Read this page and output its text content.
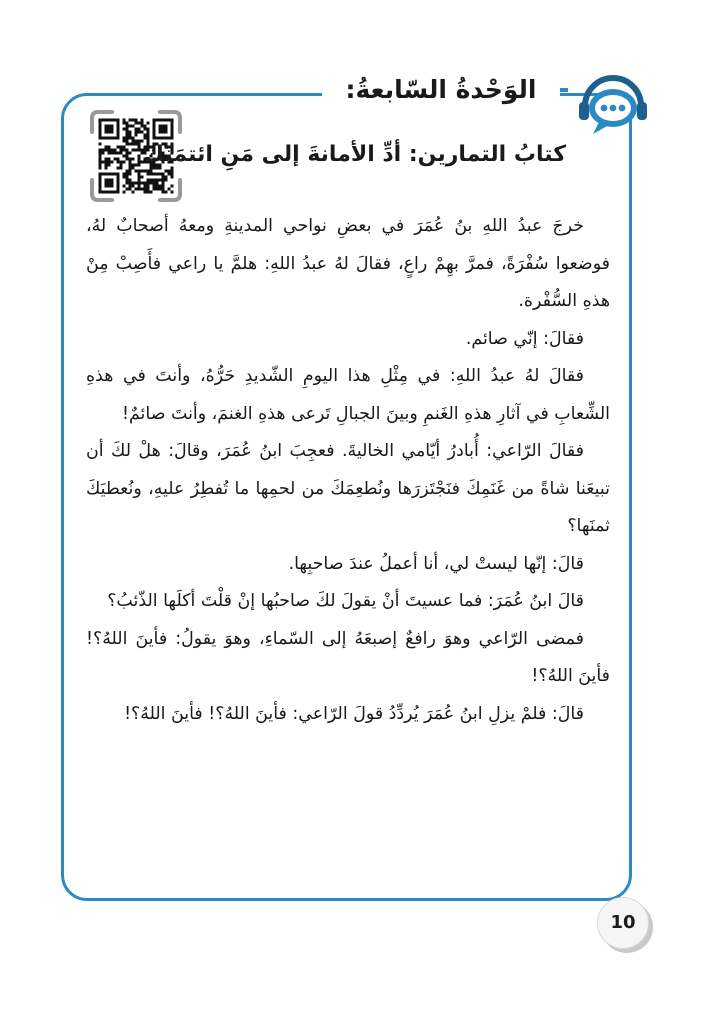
الوَحْدةُ السّابعةُ:
كتابُ التمارين: أدِّ الأمانةَ إلى مَنِ ائتمَنَك

خرجَ عبدُ اللهِ بنُ عُمَرَ في بعضِ نواحي المدينةِ ومعهُ أصحابٌ لهُ، فوضعوا سُفْرَةً، فمرَّ بهِمْ راعٍ، فقالَ لهُ عبدُ اللهِ: هلمَّ يا راعي فأَصِبْ مِنْ هذهِ السُّفْرة.

فقالَ: إنّي صائم.

فقالَ لهُ عبدُ اللهِ: في مِثْلِ هذا اليومِ الشّديدِ حَرُّهُ، وأنتَ في هذهِ الشِّعابِ في آثارِ هذهِ الغَنمِ وبينَ الجبالِ تَرعى هذهِ الغنمَ، وأنتَ صائمٌ!

فقالَ الرّاعي: أُبادرُ أيّامي الخاليةَ. فعجِبَ ابنُ عُمَرَ، وقالَ: هلْ لكَ أن تبيعَنا شاةً من غَنَمِكَ فنَجْتَزرَها ونُطعِمَكَ من لحمِها ما تُفطِرُ عليهِ، ونُعطيَكَ ثمنَها؟

قالَ: إنّها ليستْ لي، أنا أعملُ عندَ صاحبِها.

قالَ ابنُ عُمَرَ: فما عسيتَ أنْ يقولَ لكَ صاحبُها إنْ قلْتَ أكلَها الذّئبُ؟

فمضى الرّاعي وهوَ رافعٌ إصبعَهُ إلى السّماءِ، وهوَ يقولُ: فأينَ اللهُ؟! فأينَ اللهُ؟!

قالَ: فلمْ يزلِ ابنُ عُمَرَ يُردِّدُ قولَ الرّاعي: فأينَ اللهُ؟! فأينَ اللهُ؟!

10
